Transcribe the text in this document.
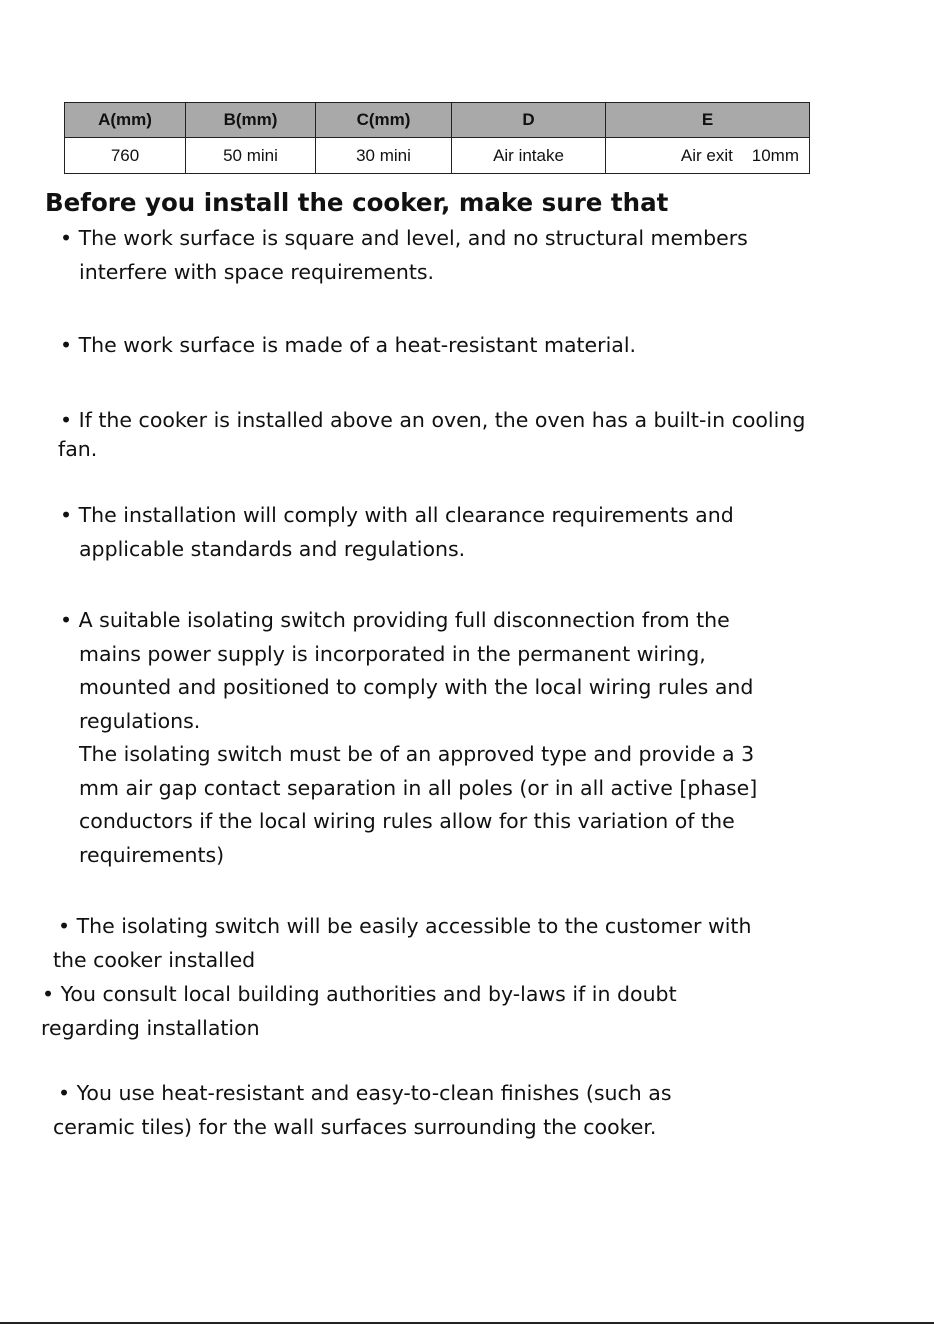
A(mm)	B(mm)	C(mm)	D	E
760	50 mini	30 mini	Air intake	Air exit    10mm
Before you install the cooker, make sure that

• The work surface is square and level, and no structural members
interfere with space requirements.

• The work surface is made of a heat-resistant material.

• If the cooker is installed above an oven, the oven has a built-in cooling
fan.

• The installation will comply with all clearance requirements and
applicable standards and regulations.

• A suitable isolating switch providing full disconnection from the
mains power supply is incorporated in the permanent wiring,
mounted and positioned to comply with the local wiring rules and
regulations.
The isolating switch must be of an approved type and provide a 3
mm air gap contact separation in all poles (or in all active [phase]
conductors if the local wiring rules allow for this variation of the
requirements)

• The isolating switch will be easily accessible to the customer with
the cooker installed

• You consult local building authorities and by-laws if in doubt
regarding installation

• You use heat-resistant and easy-to-clean finishes (such as
ceramic tiles) for the wall surfaces surrounding the cooker.
